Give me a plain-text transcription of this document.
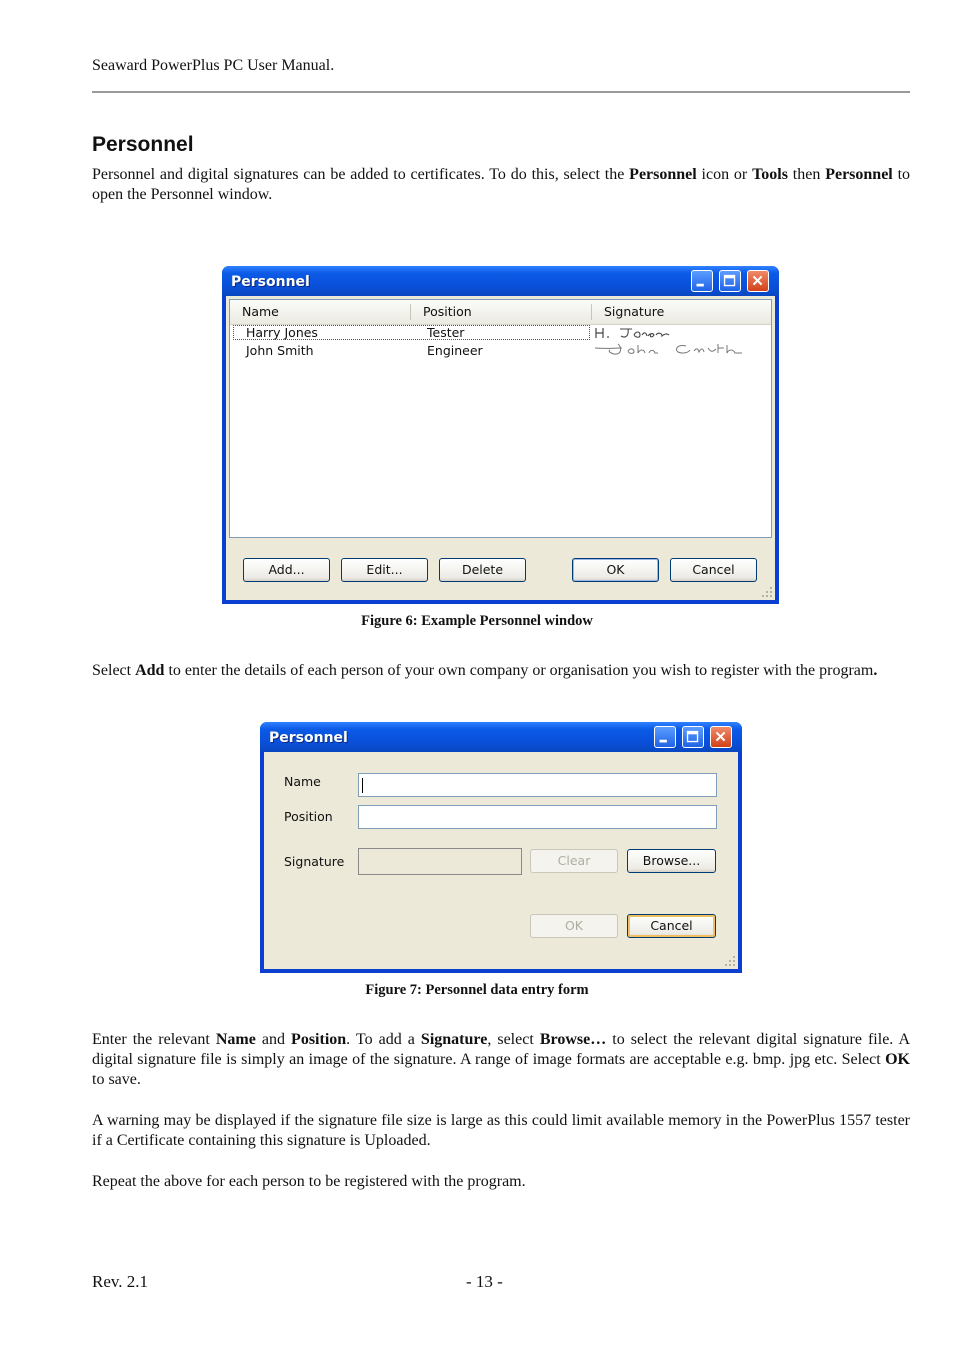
Seaward PowerPlus PC User Manual.
Personnel
Personnel and digital signatures can be added to certificates. To do this, select the Personnel icon or Tools then Personnel to open the Personnel window.
Personnel
Name	Position	Signature
Harry Jones	Tester
John Smith	Engineer
Add...	Edit...	Delete	OK	Cancel
Figure 6: Example Personnel window
Select Add to enter the details of each person of your own company or organisation you wish to register with the program.
Personnel
Name
Position
Signature	Clear	Browse...
OK	Cancel
Figure 7: Personnel data entry form
Enter the relevant Name and Position. To add a Signature, select Browse… to select the relevant digital signature file. A digital signature file is simply an image of the signature. A range of image formats are acceptable e.g. bmp. jpg etc. Select OK to save.
A warning may be displayed if the signature file size is large as this could limit available memory in the PowerPlus 1557 tester if a Certificate containing this signature is Uploaded.
Repeat the above for each person to be registered with the program.
Rev. 2.1	- 13 -
